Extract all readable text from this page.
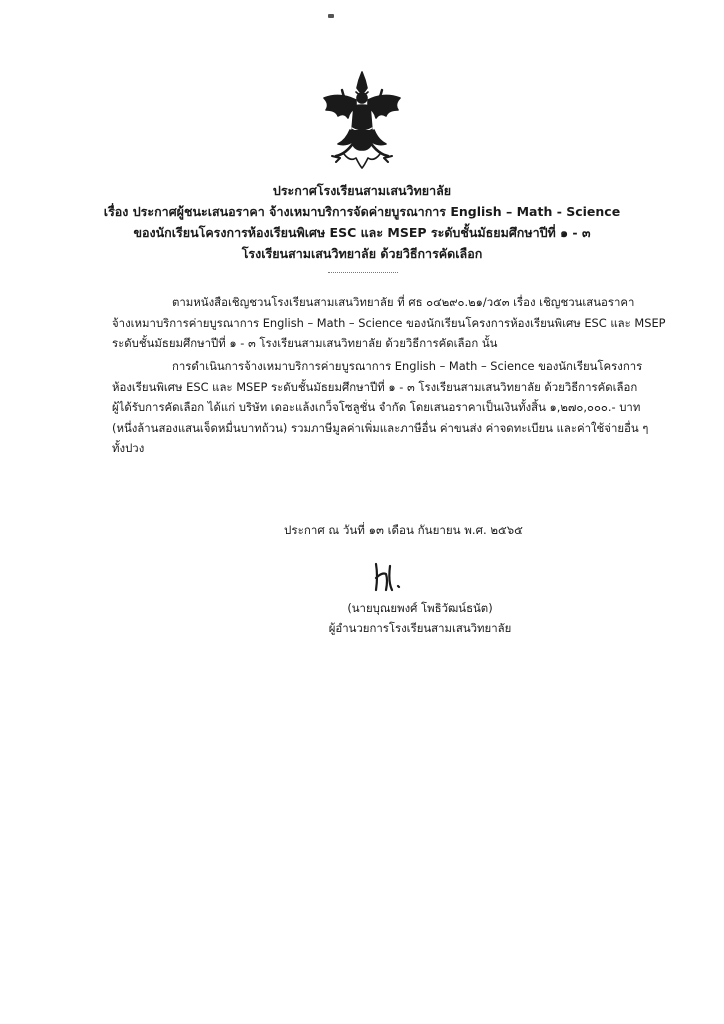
ประกาศโรงเรียนสามเสนวิทยาลัย
เรื่อง ประกาศผู้ชนะเสนอราคา จ้างเหมาบริการจัดค่ายบูรณาการ English – Math - Science
ของนักเรียนโครงการห้องเรียนพิเศษ ESC และ MSEP ระดับชั้นมัธยมศึกษาปีที่ ๑ - ๓
โรงเรียนสามเสนวิทยาลัย ด้วยวิธีการคัดเลือก
ตามหนังสือเชิญชวนโรงเรียนสามเสนวิทยาลัย ที่ ศธ ๐๔๒๙๐.๒๑/ว๕๓ เรื่อง เชิญชวนเสนอราคา
จ้างเหมาบริการค่ายบูรณาการ English – Math – Science ของนักเรียนโครงการห้องเรียนพิเศษ ESC และ MSEP
ระดับชั้นมัธยมศึกษาปีที่ ๑ - ๓ โรงเรียนสามเสนวิทยาลัย ด้วยวิธีการคัดเลือก นั้น
การดำเนินการจ้างเหมาบริการค่ายบูรณาการ English – Math – Science ของนักเรียนโครงการ
ห้องเรียนพิเศษ ESC และ MSEP ระดับชั้นมัธยมศึกษาปีที่ ๑ - ๓ โรงเรียนสามเสนวิทยาลัย ด้วยวิธีการคัดเลือก
ผู้ได้รับการคัดเลือก ได้แก่ บริษัท เดอะแล้งเกว็จโซลูชั่น จำกัด โดยเสนอราคาเป็นเงินทั้งสิ้น ๑,๒๗๐,๐๐๐.- บาท
(หนึ่งล้านสองแสนเจ็ดหมื่นบาทถ้วน) รวมภาษีมูลค่าเพิ่มและภาษีอื่น ค่าขนส่ง ค่าจดทะเบียน และค่าใช้จ่ายอื่น ๆ
ทั้งปวง
ประกาศ ณ วันที่ ๑๓ เดือน กันยายน พ.ศ. ๒๕๖๕
(นายบุณยพงศ์ โพธิวัฒน์ธนัต)
ผู้อำนวยการโรงเรียนสามเสนวิทยาลัย
